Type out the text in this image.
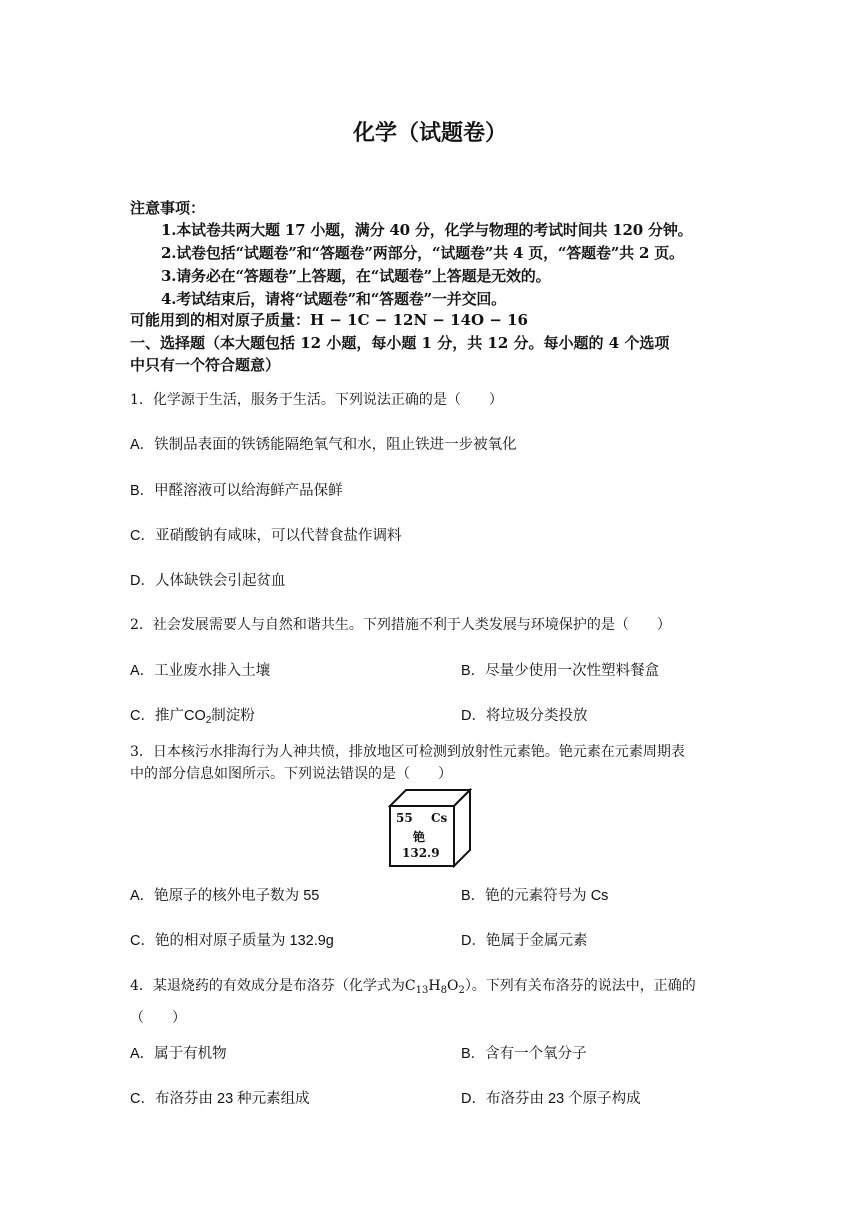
化学（试题卷）
注意事项：
1.本试卷共两大题 17 小题，满分 40 分，化学与物理的考试时间共 120 分钟。
2.试卷包括“试题卷”和“答题卷”两部分，“试题卷”共 4 页，“答题卷”共 2 页。
3.请务必在“答题卷”上答题，在“试题卷”上答题是无效的。
4.考试结束后，请将“试题卷”和“答题卷”一并交回。
可能用到的相对原子质量：H − 1C − 12N − 14O − 16
一、选择题（本大题包括 12 小题，每小题 1 分，共 12 分。每小题的 4 个选项
中只有一个符合题意）
1．化学源于生活，服务于生活。下列说法正确的是（　　）
A．铁制品表面的铁锈能隔绝氧气和水，阻止铁进一步被氧化
B．甲醛溶液可以给海鲜产品保鲜
C．亚硝酸钠有咸味，可以代替食盐作调料
D．人体缺铁会引起贫血
2．社会发展需要人与自然和谐共生。下列措施不利于人类发展与环境保护的是（　　）
A．工业废水排入土壤	B．尽量少使用一次性塑料餐盒
C．推广$CO_2$制淀粉	D．将垃圾分类投放
3．日本核污水排海行为人神共愤，排放地区可检测到放射性元素铯。铯元素在元素周期表
中的部分信息如图所示。下列说法错误的是（　　）
55 Cs
铯
132.9
A．铯原子的核外电子数为 55	B．铯的元素符号为 Cs
C．铯的相对原子质量为 132.9g	D．铯属于金属元素
4．某退烧药的有效成分是布洛芬（化学式为$C_{13}H_8O_2$）。下列有关布洛芬的说法中，正确的
（　　）
A．属于有机物	B．含有一个氧分子
C．布洛芬由 23 种元素组成	D．布洛芬由 23 个原子构成
